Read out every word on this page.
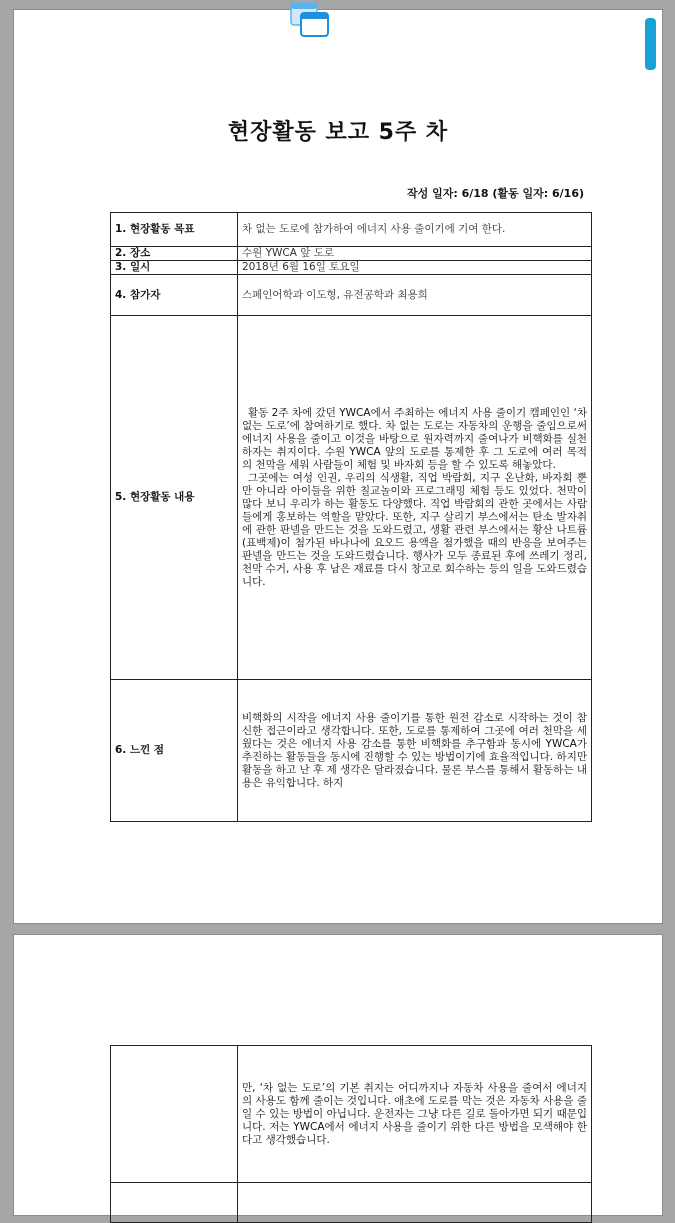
현장활동 보고 5주 차
작성 일자: 6/18 (활동 일자: 6/16)
1. 현장활동 목표	차 없는 도로에 참가하여 에너지 사용 줄이기에 기여 한다.
2. 장소	수원 YWCA 앞 도로
3. 일시	2018년 6월 16일 토요일
4. 참가자	스페인어학과 이도형, 유전공학과 최용희
5. 현장활동 내용	활동 2주 차에 갔던 YWCA에서 주최하는 에너지 사용 줄이기 캠페인인 ‘차 없는 도로’에 참여하기로 했다. 차 없는 도로는 자동차의 운행을 줄임으로써 에너지 사용을 줄이고 이것을 바탕으로 원자력까지 줄여나가 비핵화를 실천하자는 취지이다. 수원 YWCA 앞의 도로를 통제한 후 그 도로에 여러 목적의 천막을 세워 사람들이 체험 및 바자회 등을 할 수 있도록 해놓았다.
그곳에는 여성 인권, 우리의 식생활, 직업 박람회, 지구 온난화, 바자회 뿐만 아니라 아이들을 위한 칠교놀이와 프로그래밍 체험 등도 있었다. 천막이 많다 보니 우리가 하는 활동도 다양했다. 직업 박람회의 관한 곳에서는 사람들에게 홍보하는 역할을 맡았다. 또한, 지구 살리기 부스에서는 탄소 발자취에 관한 판넬을 만드는 것을 도와드렸고, 생활 관련 부스에서는 황산 나트륨(표백제)이 첨가된 바나나에 요오드 용액을 첨가했을 때의 반응을 보여주는 판넬을 만드는 것을 도와드렸습니다. 행사가 모두 종료된 후에 쓰레기 정리, 천막 수거, 사용 후 남은 재료를 다시 창고로 회수하는 등의 일을 도와드렸습니다.

6. 느낀 점	비핵화의 시작을 에너지 사용 줄이기를 통한 원전 감소로 시작하는 것이 참신한 접근이라고 생각합니다. 또한, 도로를 통제하여 그곳에 여러 천막을 세웠다는 것은 에너지 사용 감소를 통한 비핵화를 추구함과 동시에 YWCA가 추진하는 활동들을 동시에 진행할 수 있는 방법이기에 효율적입니다. 하지만 활동을 하고 난 후 제 생각은 달라졌습니다. 물론 부스를 통해서 활동하는 내용은 유익합니다. 하지
	만, ‘차 없는 도로’의 기본 취지는 어디까지나 자동차 사용을 줄여서 에너지의 사용도 함께 줄이는 것입니다. 애초에 도로를 막는 것은 자동차 사용을 줄일 수 있는 방법이 아닙니다. 운전자는 그냥 다른 길로 돌아가면 되기 때문입니다. 저는 YWCA에서 에너지 사용을 줄이기 위한 다른 방법을 모색해야 한다고 생각했습니다.
